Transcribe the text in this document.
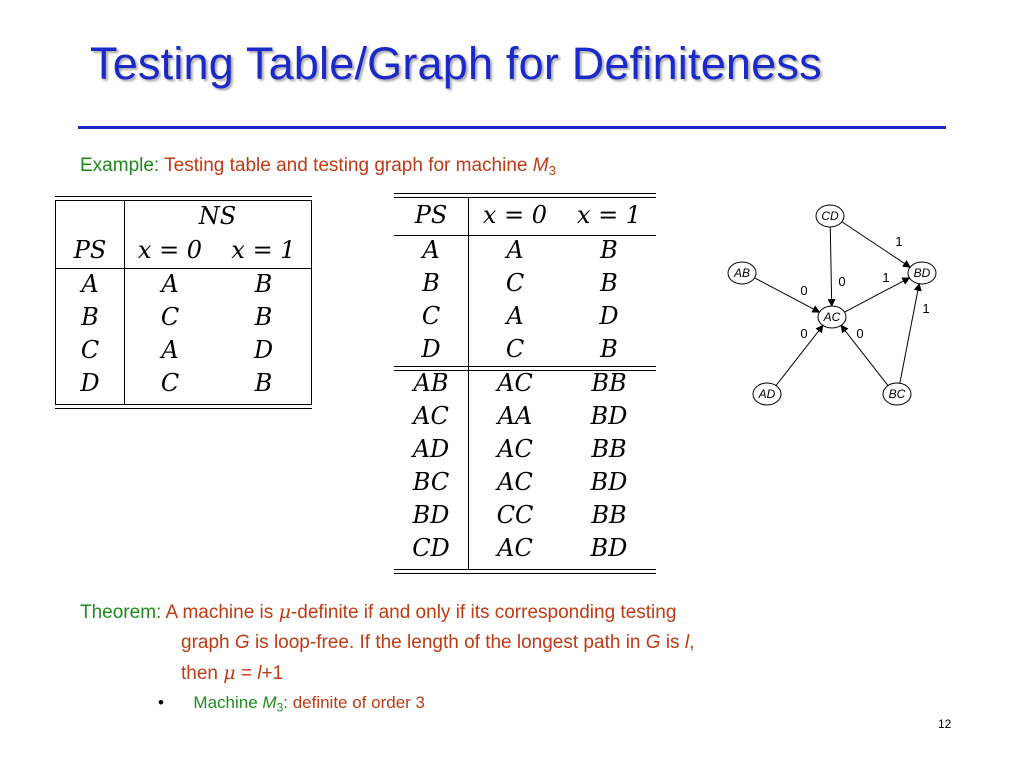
Testing Table/Graph for Definiteness
Example: Testing table and testing graph for machine $M_3$
NS
PS	x = 0	x = 1
A	A	B
B	C	B
C	A	D
D	C	B
PS	x = 0	x = 1
A	A	B
B	C	B
C	A	D
D	C	B
AB	AC	BB
AC	AA	BD
AD	AC	BB
BC	AC	BD
BD	CC	BB
CD	AC	BD
1
0
0
1
1
0	0
CD
AB	BD
AC
AD	BC
Theorem: A machine is μ-definite if and only if its corresponding testing
graph G is loop-free. If the length of the longest path in G is l,
then μ = l+1
• Machine $M_3$: definite of order 3
12
